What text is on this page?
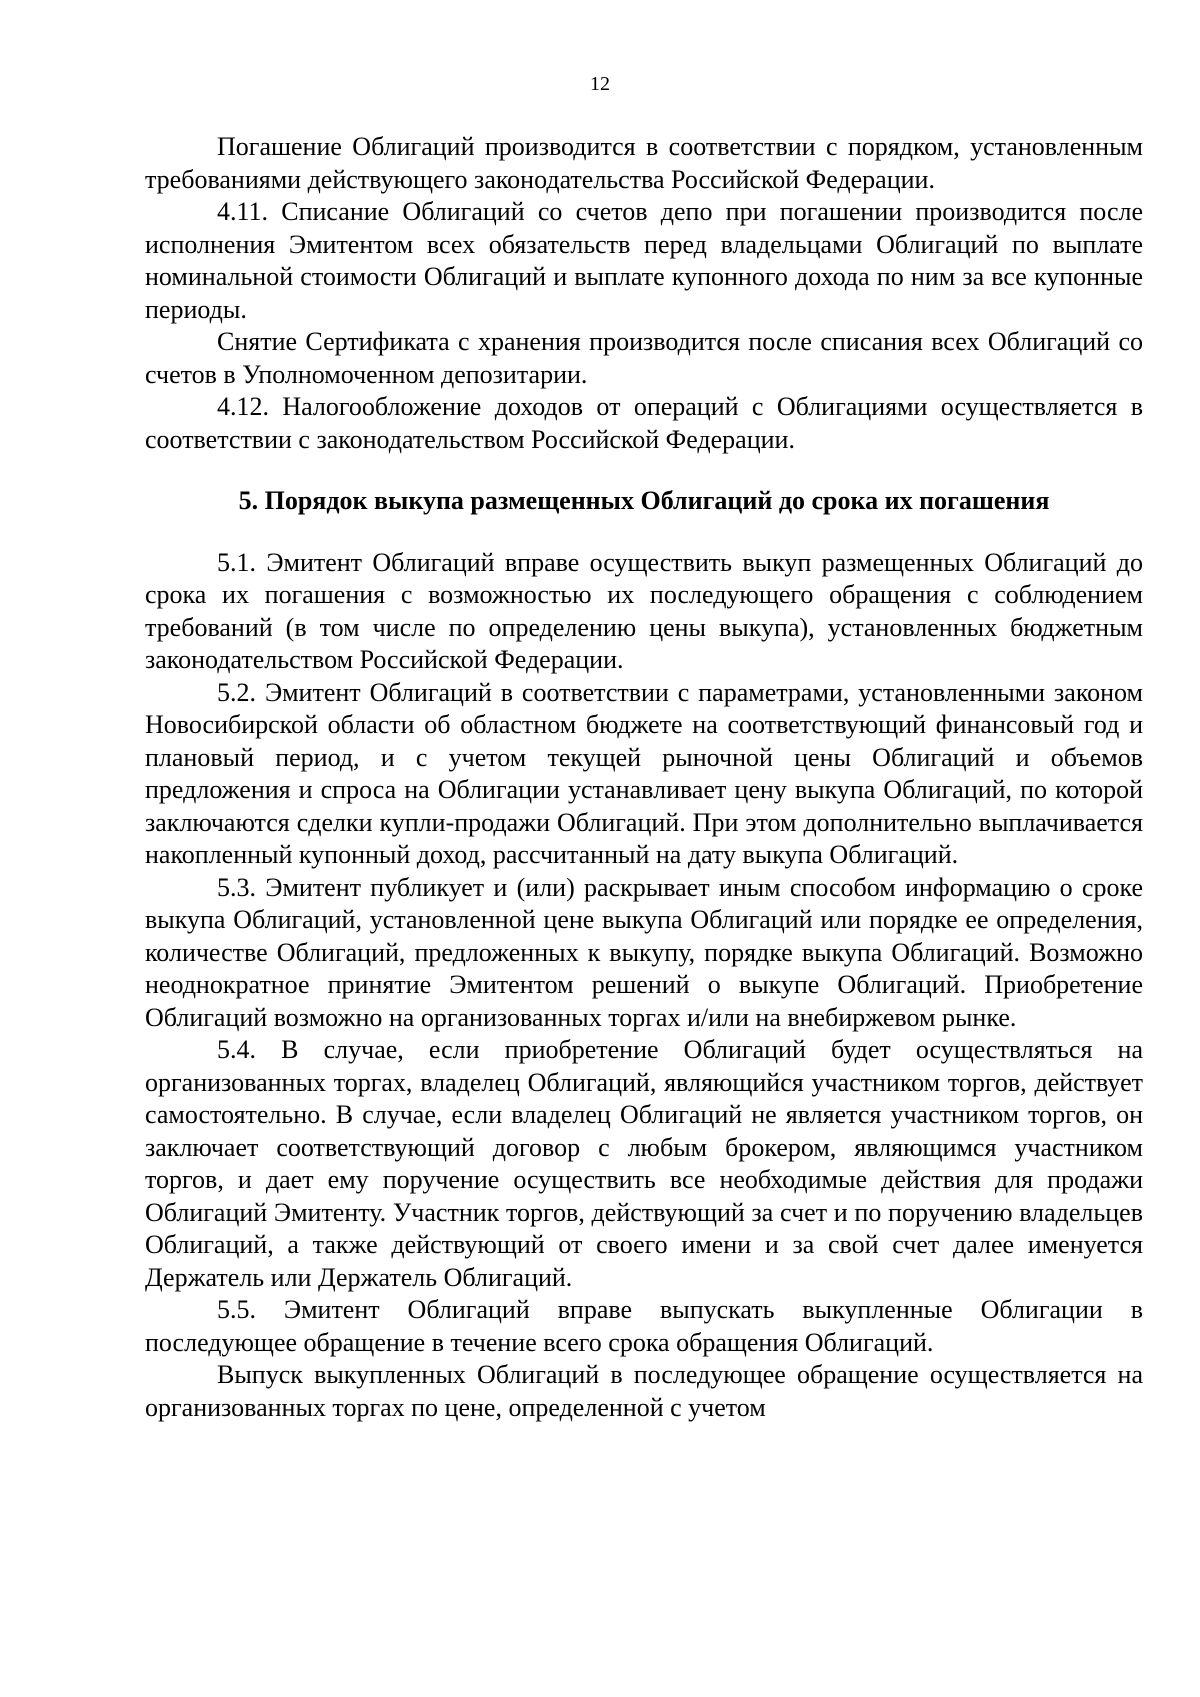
12

Погашение Облигаций производится в соответствии с порядком, установленным требованиями действующего законодательства Российской Федерации.

4.11. Списание Облигаций со счетов депо при погашении производится после исполнения Эмитентом всех обязательств перед владельцами Облигаций по выплате номинальной стоимости Облигаций и выплате купонного дохода по ним за все купонные периоды.

Снятие Сертификата с хранения производится после списания всех Облигаций со счетов в Уполномоченном депозитарии.

4.12. Налогообложение доходов от операций с Облигациями осуществляется в соответствии с законодательством Российской Федерации.

5. Порядок выкупа размещенных Облигаций до срока их погашения

5.1. Эмитент Облигаций вправе осуществить выкуп размещенных Облигаций до срока их погашения с возможностью их последующего обращения с соблюдением требований (в том числе по определению цены выкупа), установленных бюджетным законодательством Российской Федерации.

5.2. Эмитент Облигаций в соответствии с параметрами, установленными законом Новосибирской области об областном бюджете на соответствующий финансовый год и плановый период, и с учетом текущей рыночной цены Облигаций и объемов предложения и спроса на Облигации устанавливает цену выкупа Облигаций, по которой заключаются сделки купли-продажи Облигаций. При этом дополнительно выплачивается накопленный купонный доход, рассчитанный на дату выкупа Облигаций.

5.3. Эмитент публикует и (или) раскрывает иным способом информацию о сроке выкупа Облигаций, установленной цене выкупа Облигаций или порядке ее определения, количестве Облигаций, предложенных к выкупу, порядке выкупа Облигаций. Возможно неоднократное принятие Эмитентом решений о выкупе Облигаций. Приобретение Облигаций возможно на организованных торгах и/или на внебиржевом рынке.

5.4. В случае, если приобретение Облигаций будет осуществляться на организованных торгах, владелец Облигаций, являющийся участником торгов, действует самостоятельно. В случае, если владелец Облигаций не является участником торгов, он заключает соответствующий договор с любым брокером, являющимся участником торгов, и дает ему поручение осуществить все необходимые действия для продажи Облигаций Эмитенту. Участник торгов, действующий за счет и по поручению владельцев Облигаций, а также действующий от своего имени и за свой счет далее именуется Держатель или Держатель Облигаций.

5.5. Эмитент Облигаций вправе выпускать выкупленные Облигации в последующее обращение в течение всего срока обращения Облигаций.

Выпуск выкупленных Облигаций в последующее обращение осуществляется на организованных торгах по цене, определенной с учетом
